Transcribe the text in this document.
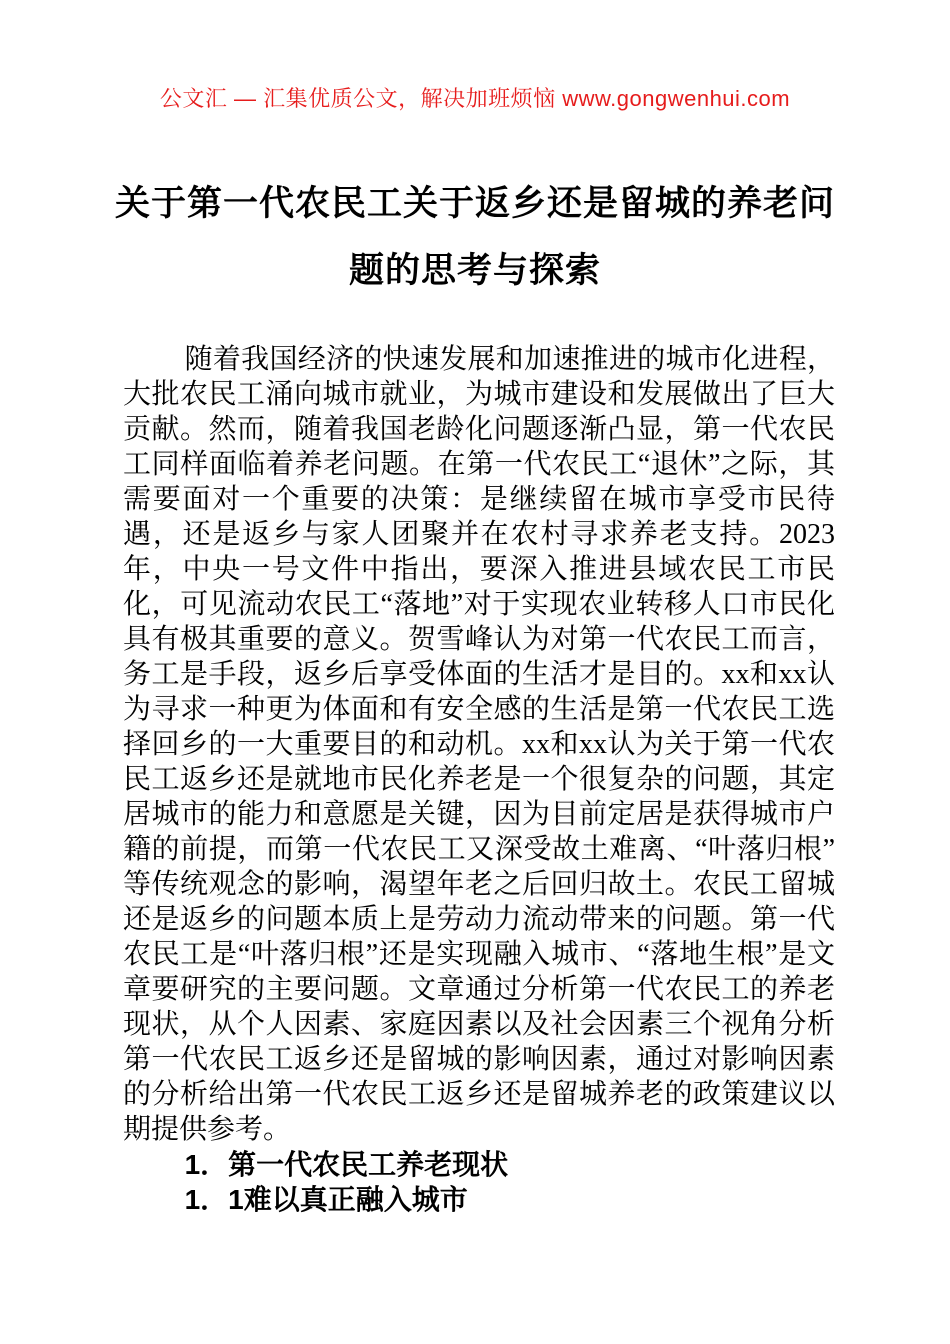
公文汇 — 汇集优质公文，解决加班烦恼 www.gongwenhui.com
关于第一代农民工关于返乡还是留城的养老问题的思考与探索
随着我国经济的快速发展和加速推进的城市化进程，大批农民工涌向城市就业，为城市建设和发展做出了巨大贡献。然而，随着我国老龄化问题逐渐凸显，第一代农民工同样面临着养老问题。在第一代农民工“退休”之际，其需要面对一个重要的决策：是继续留在城市享受市民待遇，还是返乡与家人团聚并在农村寻求养老支持。2023年，中央一号文件中指出，要深入推进县域农民工市民化，可见流动农民工“落地”对于实现农业转移人口市民化具有极其重要的意义。贺雪峰认为对第一代农民工而言，务工是手段，返乡后享受体面的生活才是目的。xx和xx认为寻求一种更为体面和有安全感的生活是第一代农民工选择回乡的一大重要目的和动机。xx和xx认为关于第一代农民工返乡还是就地市民化养老是一个很复杂的问题，其定居城市的能力和意愿是关键，因为目前定居是获得城市户籍的前提，而第一代农民工又深受故土难离、“叶落归根”等传统观念的影响，渴望年老之后回归故土。农民工留城还是返乡的问题本质上是劳动力流动带来的问题。第一代农民工是“叶落归根”还是实现融入城市、“落地生根”是文章要研究的主要问题。文章通过分析第一代农民工的养老现状，从个人因素、家庭因素以及社会因素三个视角分析第一代农民工返乡还是留城的影响因素，通过对影响因素的分析给出第一代农民工返乡还是留城养老的政策建议以期提供参考。
1．第一代农民工养老现状
1．1难以真正融入城市
